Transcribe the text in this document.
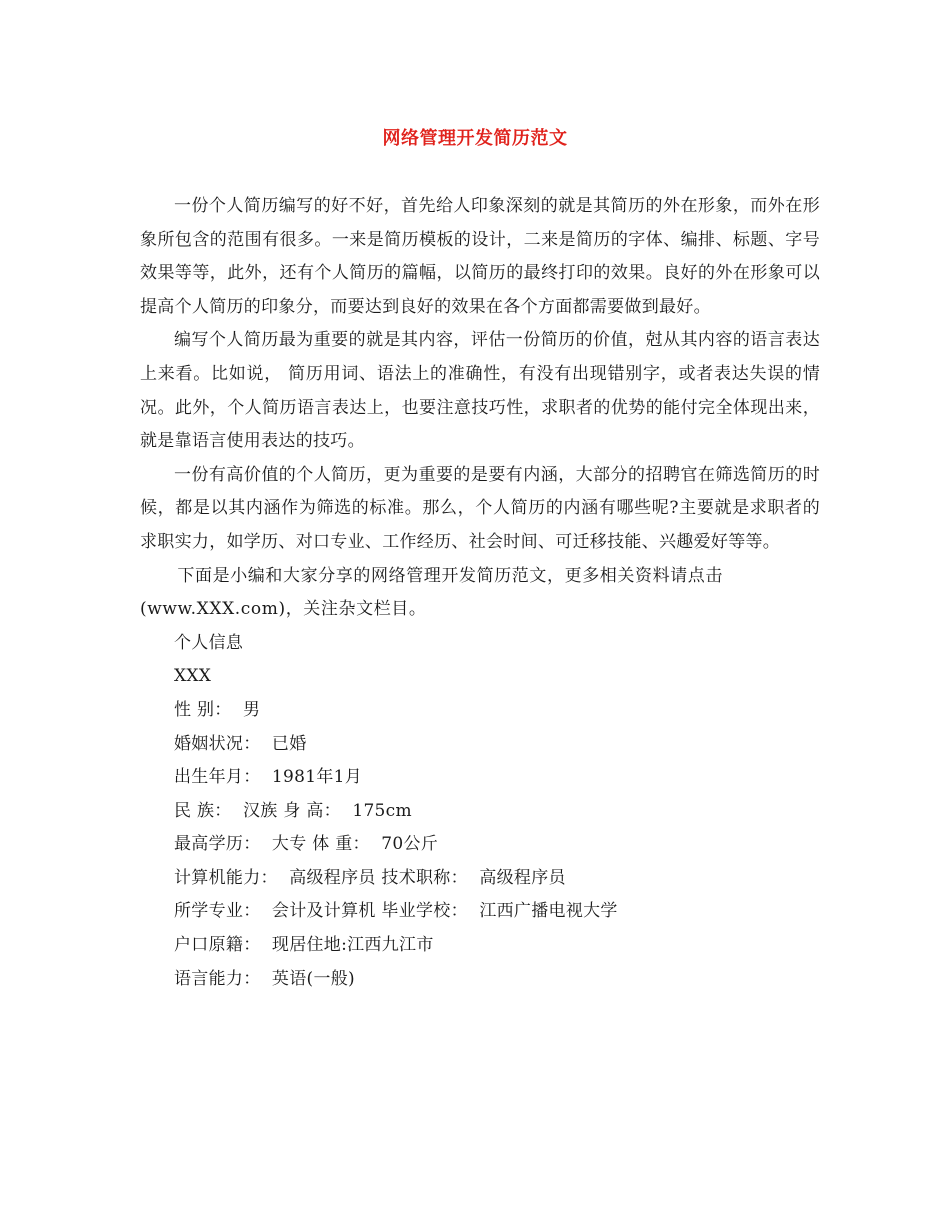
网络管理开发简历范文

一份个人简历编写的好不好，首先给人印象深刻的就是其简历的外在形象，而外在形象所包含的范围有很多。一来是简历模板的设计，二来是简历的字体、编排、标题、字号效果等等，此外，还有个人简历的篇幅，以简历的最终打印的效果。良好的外在形象可以提高个人简历的印象分，而要达到良好的效果在各个方面都需要做到最好。

编写个人简历最为重要的就是其内容，评估一份简历的价值，尅从其内容的语言表达上来看。比如说， 简历用词、语法上的准确性，有没有出现错别字，或者表达失误的情况。此外，个人简历语言表达上，也要注意技巧性，求职者的优势的能付完全体现出来，就是靠语言使用表达的技巧。

一份有高价值的个人简历，更为重要的是要有内涵，大部分的招聘官在筛选简历的时候，都是以其内涵作为筛选的标准。那么，个人简历的内涵有哪些呢?主要就是求职者的求职实力，如学历、对口专业、工作经历、社会时间、可迁移技能、兴趣爱好等等。

下面是小编和大家分享的网络管理开发简历范文，更多相关资料请点击(www.XXX.com)，关注杂文栏目。

个人信息
XXX
性 别：  男
婚姻状况：  已婚
出生年月：  1981年1月
民 族：  汉族 身 高：  175cm
最高学历：  大专 体 重：  70公斤
计算机能力：  高级程序员 技术职称：  高级程序员
所学专业：  会计及计算机 毕业学校：  江西广播电视大学
户口原籍：  现居住地:江西九江市
语言能力：  英语(一般)
